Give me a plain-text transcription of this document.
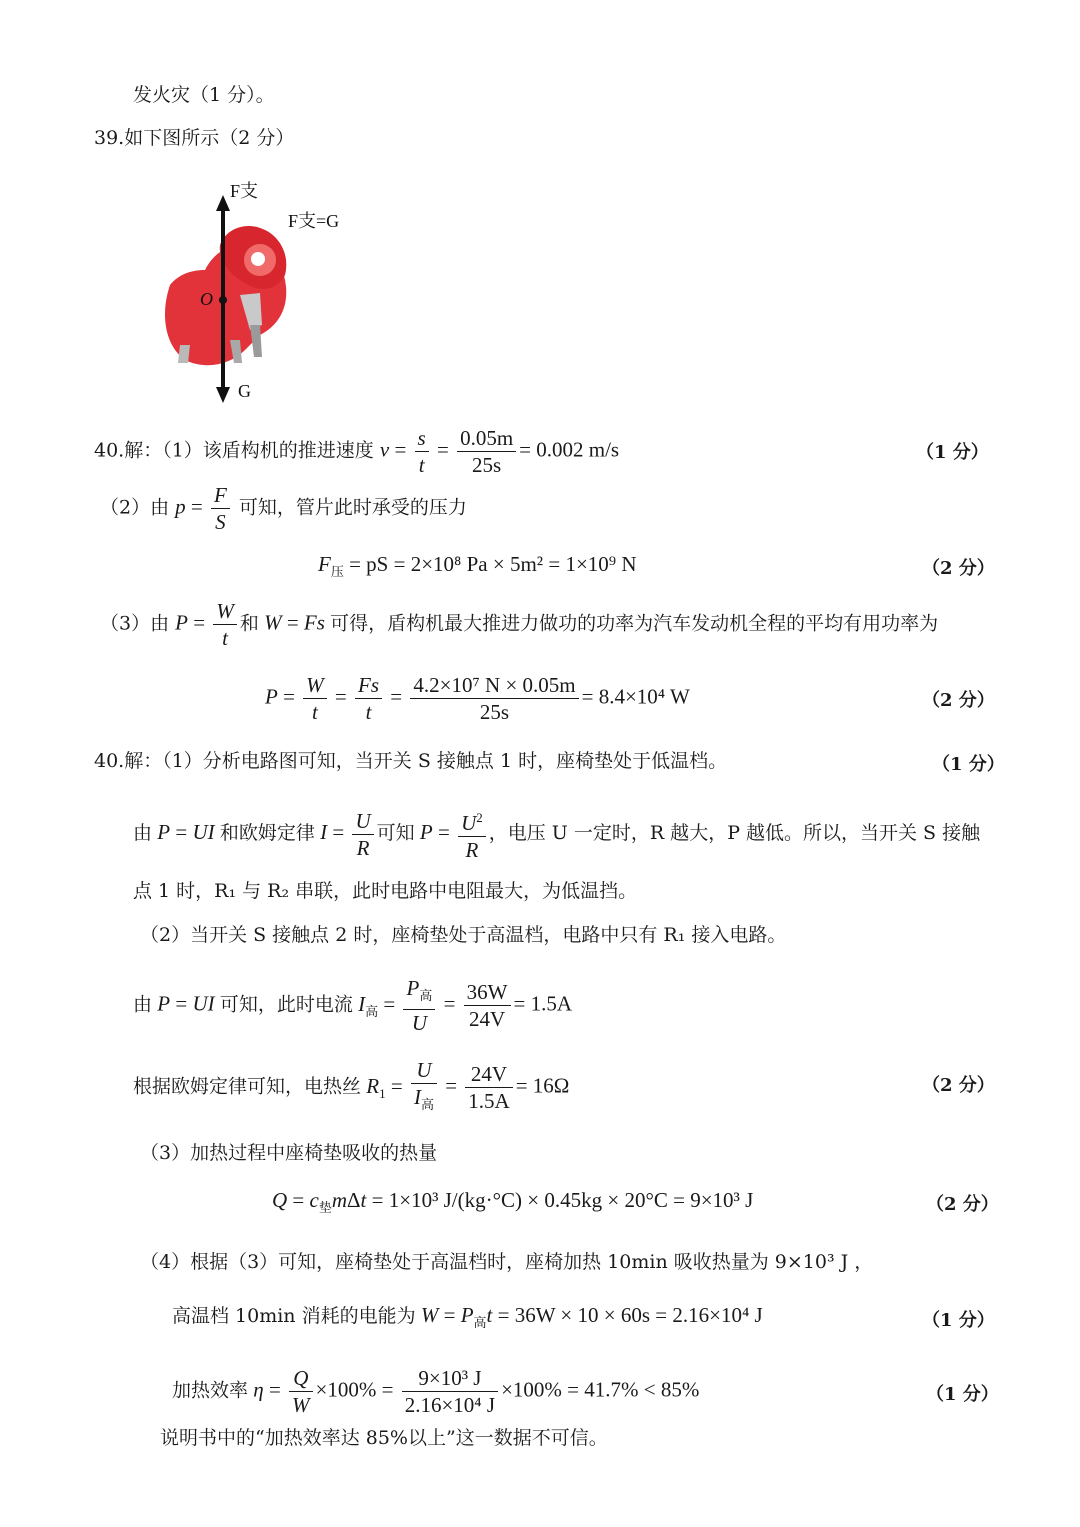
发火灾（1 分）。
39.如下图所示（2 分）
F支
F支=G
O
G
40.解：（1）该盾构机的推进速度 $v = \frac{s}{t} = \frac{0.05m}{25s} = 0.002$ m/s	（1 分）
（2）由 $p = \frac{F}{S}$ 可知，管片此时承受的压力
$F_压$ = pS = 2×10⁸ Pa × 5m² = 1×10⁹ N	（2 分）
（3）由 $P = \frac{W}{t}$ 和 W = Fs 可得，盾构机最大推进力做功的功率为汽车发动机全程的平均有用功率为
$P = \frac{W}{t} = \frac{Fs}{t} = \frac{\text{4.2×10⁷ N × 0.05m}}{25s} = 8.4\times 10^4$ W	（2 分）
40.解：（1）分析电路图可知，当开关 S 接触点 1 时，座椅垫处于低温档。	（1 分）
由 P = UI 和欧姆定律 $I = \frac{U}{R}$ 可知 $P = \frac{U^2}{R}$ ，电压 U 一定时，R 越大，P 越低。所以，当开关 S 接触
点 1 时，R₁ 与 R₂ 串联，此时电路中电阻最大，为低温挡。
（2）当开关 S 接触点 2 时，座椅垫处于高温档，电路中只有 R₁ 接入电路。
由 P = UI 可知，此时电流 $I_高 = \frac{P_高}{U} = \frac{36W}{24V} = 1.5A$
根据欧姆定律可知，电热丝 $R_1 = \frac{U}{I_高} = \frac{24V}{1.5A} = 16\Omega$	（2 分）
（3）加热过程中座椅垫吸收的热量
$Q = c_垫m\Delta t = 1\times 10^3$ J/(kg·°C) × 0.45kg × 20°C = 9×10³ J	（2 分）
（4）根据（3）可知，座椅垫处于高温档时，座椅加热 10min 吸收热量为 9×10³ J ，
高温档 10min 消耗的电能为 $W = P_高t = 36W \times 10 \times 60s = 2.16\times 10^4$ J	（1 分）
加热效率 $\eta = \frac{Q}{W} \times 100\% = \frac{\text{9×10³ J}}{\text{2.16×10⁴ J}} \times 100\% = 41.7\% < 85\%$	（1 分）
说明书中的“加热效率达 85%以上”这一数据不可信。
